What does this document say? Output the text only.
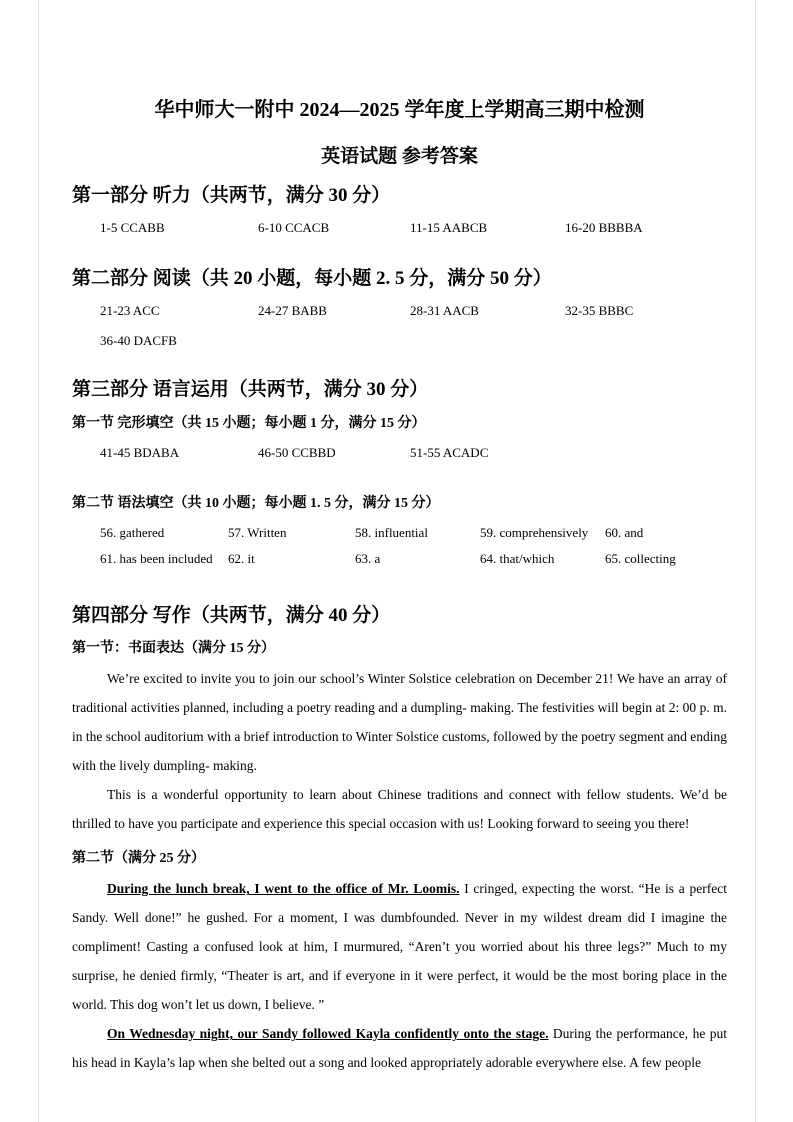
华中师大一附中 2024—2025 学年度上学期高三期中检测
英语试题 参考答案
第一部分 听力（共两节，满分 30 分）
1-5 CCABB	6-10 CCACB	11-15 AABCB	16-20 BBBBA
第二部分 阅读（共 20 小题，每小题 2. 5 分，满分 50 分）
21-23 ACC	24-27 BABB	28-31 AACB	32-35 BBBC
36-40 DACFB
第三部分 语言运用（共两节，满分 30 分）
第一节 完形填空（共 15 小题；每小题 1 分，满分 15 分）
41-45 BDABA	46-50 CCBBD	51-55 ACADC
第二节 语法填空（共 10 小题；每小题 1. 5 分，满分 15 分）
56. gathered	57. Written	58. influential	59. comprehensively	60. and
61. has been included	62. it	63. a	64. that/which	65. collecting
第四部分 写作（共两节，满分 40 分）
第一节：书面表达（满分 15 分）

We’re excited to invite you to join our school’s Winter Solstice celebration on December 21! We have an array of traditional activities planned, including a poetry reading and a dumpling- making. The festivities will begin at 2: 00 p. m. in the school auditorium with a brief introduction to Winter Solstice customs, followed by the poetry segment and ending with the lively dumpling- making.

This is a wonderful opportunity to learn about Chinese traditions and connect with fellow students. We’d be thrilled to have you participate and experience this special occasion with us! Looking forward to seeing you there!

第二节（满分 25 分）

During the lunch break, I went to the office of Mr. Loomis. I cringed, expecting the worst. “He is a perfect Sandy. Well done!” he gushed. For a moment, I was dumbfounded. Never in my wildest dream did I imagine the compliment! Casting a confused look at him, I murmured, “Aren’t you worried about his three legs?” Much to my surprise, he denied firmly, “Theater is art, and if everyone in it were perfect, it would be the most boring place in the world. This dog won’t let us down, I believe. ”

On Wednesday night, our Sandy followed Kayla confidently onto the stage. During the performance, he put his head in Kayla’s lap when she belted out a song and looked appropriately adorable everywhere else. A few people
